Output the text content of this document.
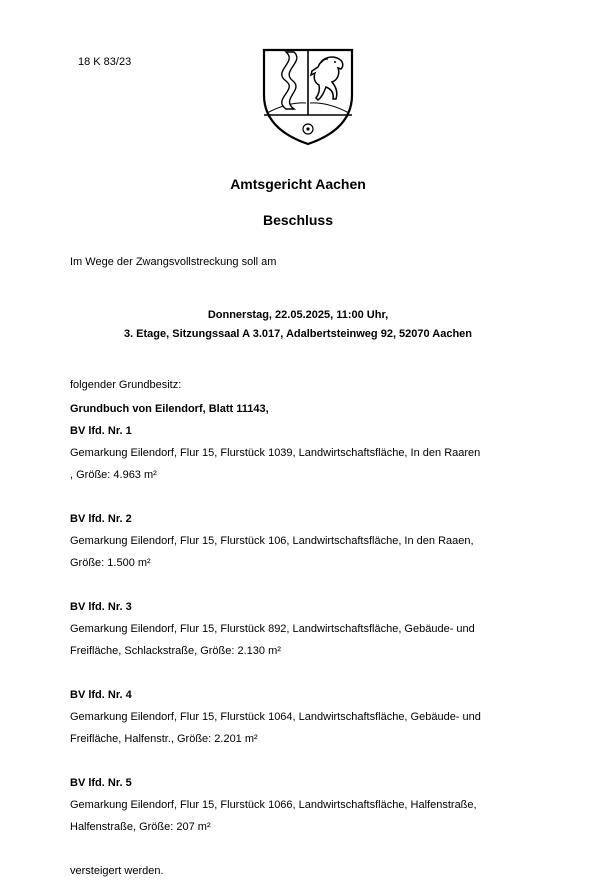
18 K 83/23
Amtsgericht Aachen
Beschluss
Im Wege der Zwangsvollstreckung soll am
Donnerstag, 22.05.2025, 11:00 Uhr,
3. Etage, Sitzungssaal A 3.017, Adalbertsteinweg 92, 52070 Aachen
folgender Grundbesitz:
Grundbuch von Eilendorf, Blatt 11143,
BV lfd. Nr. 1
Gemarkung Eilendorf, Flur 15, Flurstück 1039, Landwirtschaftsfläche, In den Raaren
, Größe: 4.963 m²
BV lfd. Nr. 2
Gemarkung Eilendorf, Flur 15, Flurstück 106, Landwirtschaftsfläche, In den Raaen,
Größe: 1.500 m²
BV lfd. Nr. 3
Gemarkung Eilendorf, Flur 15, Flurstück 892, Landwirtschaftsfläche, Gebäude- und
Freifläche, Schlackstraße, Größe: 2.130 m²
BV lfd. Nr. 4
Gemarkung Eilendorf, Flur 15, Flurstück 1064, Landwirtschaftsfläche, Gebäude- und
Freifläche, Halfenstr., Größe: 2.201 m²
BV lfd. Nr. 5
Gemarkung Eilendorf, Flur 15, Flurstück 1066, Landwirtschaftsfläche, Halfenstraße,
Halfenstraße, Größe: 207 m²
versteigert werden.
